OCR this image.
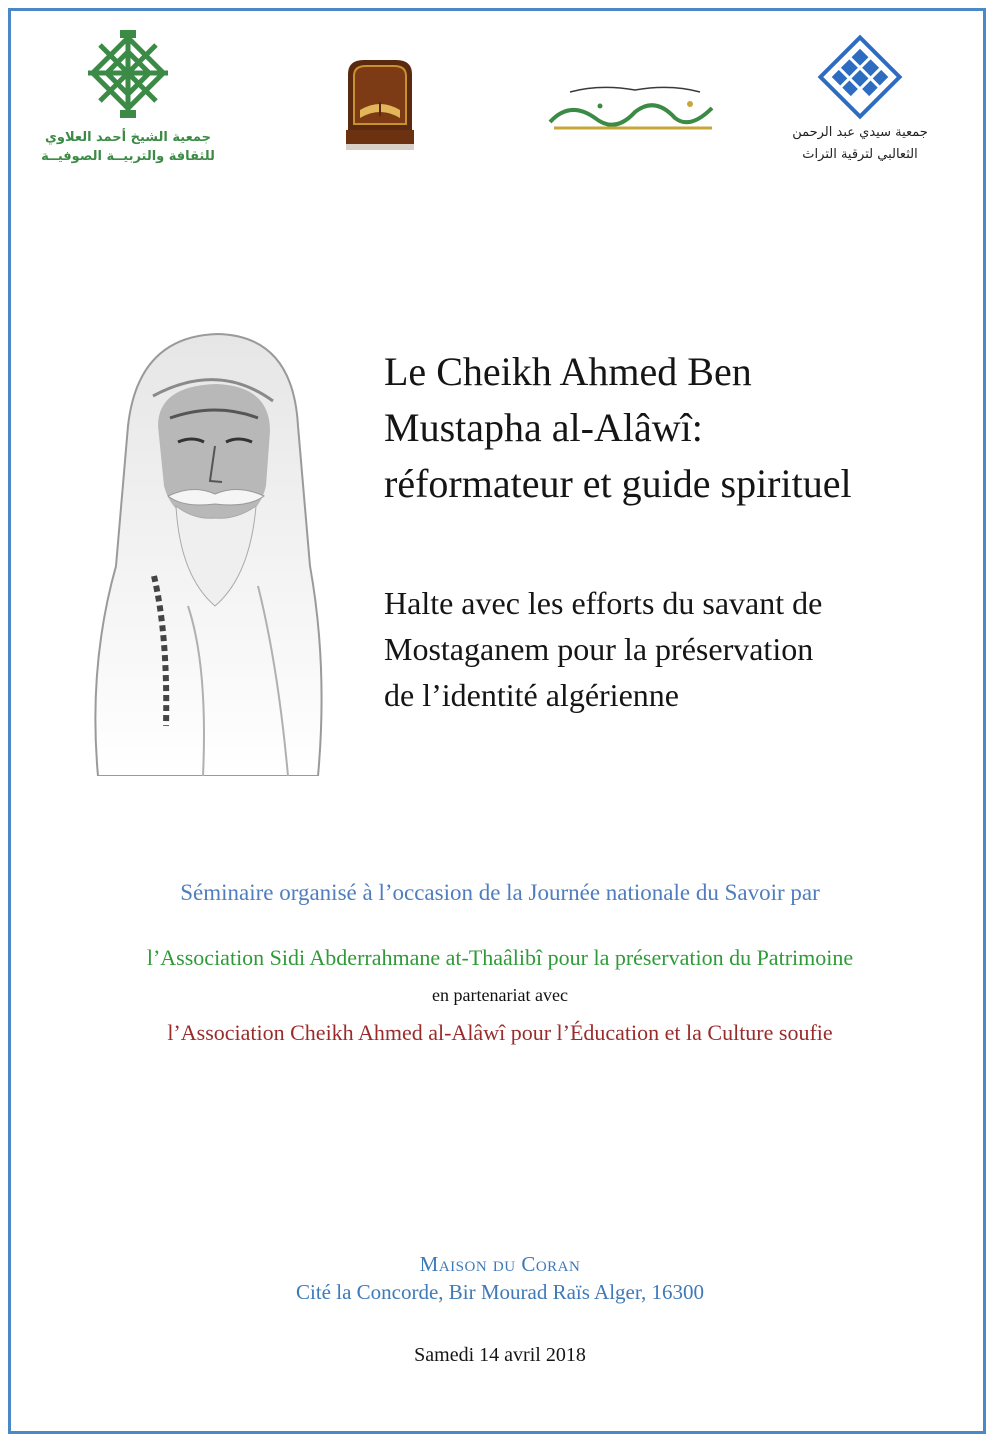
جمعية الشيخ أحمد العلاوي
للثقافة والتربيــة الصوفيــة
جمعية سيدي عبد الرحمن
الثعالبي لترقية التراث
Le Cheikh Ahmed Ben
Mustapha al-Alâwî:
réformateur et guide spirituel
Halte avec les efforts du savant de
Mostaganem pour la préservation
de l’identité algérienne

Séminaire organisé à l’occasion de la Journée nationale du Savoir par

l’Association Sidi Abderrahmane at-Thaâlibî pour la préservation du Patrimoine

en partenariat avec

l’Association Cheikh Ahmed al-Alâwî pour l’Éducation et la Culture soufie

Maison du Coran

Cité la Concorde, Bir Mourad Raïs Alger, 16300

Samedi 14 avril 2018
